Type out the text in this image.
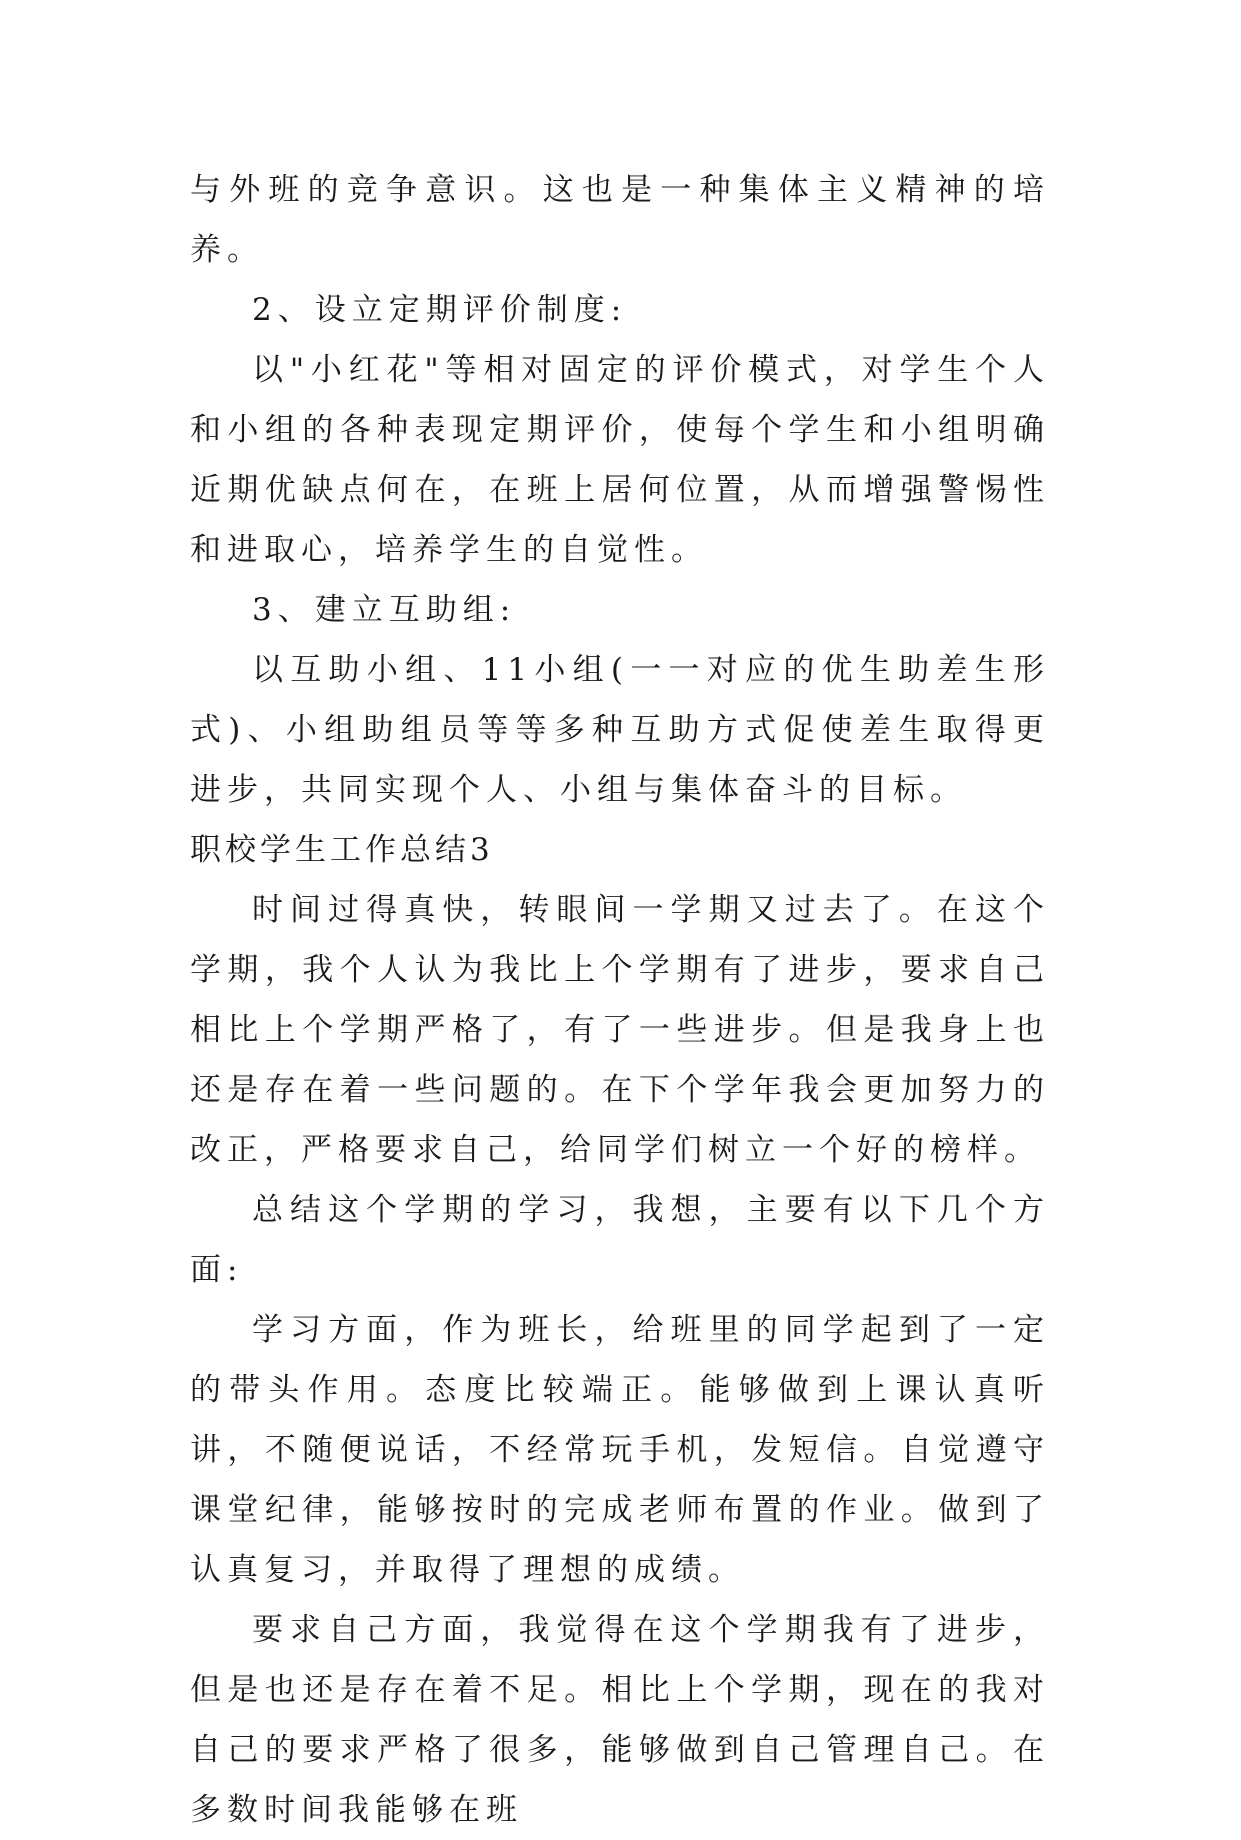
与外班的竞争意识。这也是一种集体主义精神的培养。

2、设立定期评价制度:

以"小红花"等相对固定的评价模式，对学生个人和小组的各种表现定期评价，使每个学生和小组明确近期优缺点何在，在班上居何位置，从而增强警惕性和进取心，培养学生的自觉性。

3、建立互助组:

以互助小组、11小组(一一对应的优生助差生形式)、小组助组员等等多种互助方式促使差生取得更进步，共同实现个人、小组与集体奋斗的目标。

职校学生工作总结3

时间过得真快，转眼间一学期又过去了。在这个学期，我个人认为我比上个学期有了进步，要求自己相比上个学期严格了，有了一些进步。但是我身上也还是存在着一些问题的。在下个学年我会更加努力的改正，严格要求自己，给同学们树立一个好的榜样。

总结这个学期的学习，我想，主要有以下几个方面:

学习方面，作为班长，给班里的同学起到了一定的带头作用。态度比较端正。能够做到上课认真听讲，不随便说话，不经常玩手机，发短信。自觉遵守课堂纪律，能够按时的完成老师布置的作业。做到了认真复习，并取得了理想的成绩。

要求自己方面，我觉得在这个学期我有了进步，但是也还是存在着不足。相比上个学期，现在的我对自己的要求严格了很多，能够做到自己管理自己。在多数时间我能够在班
